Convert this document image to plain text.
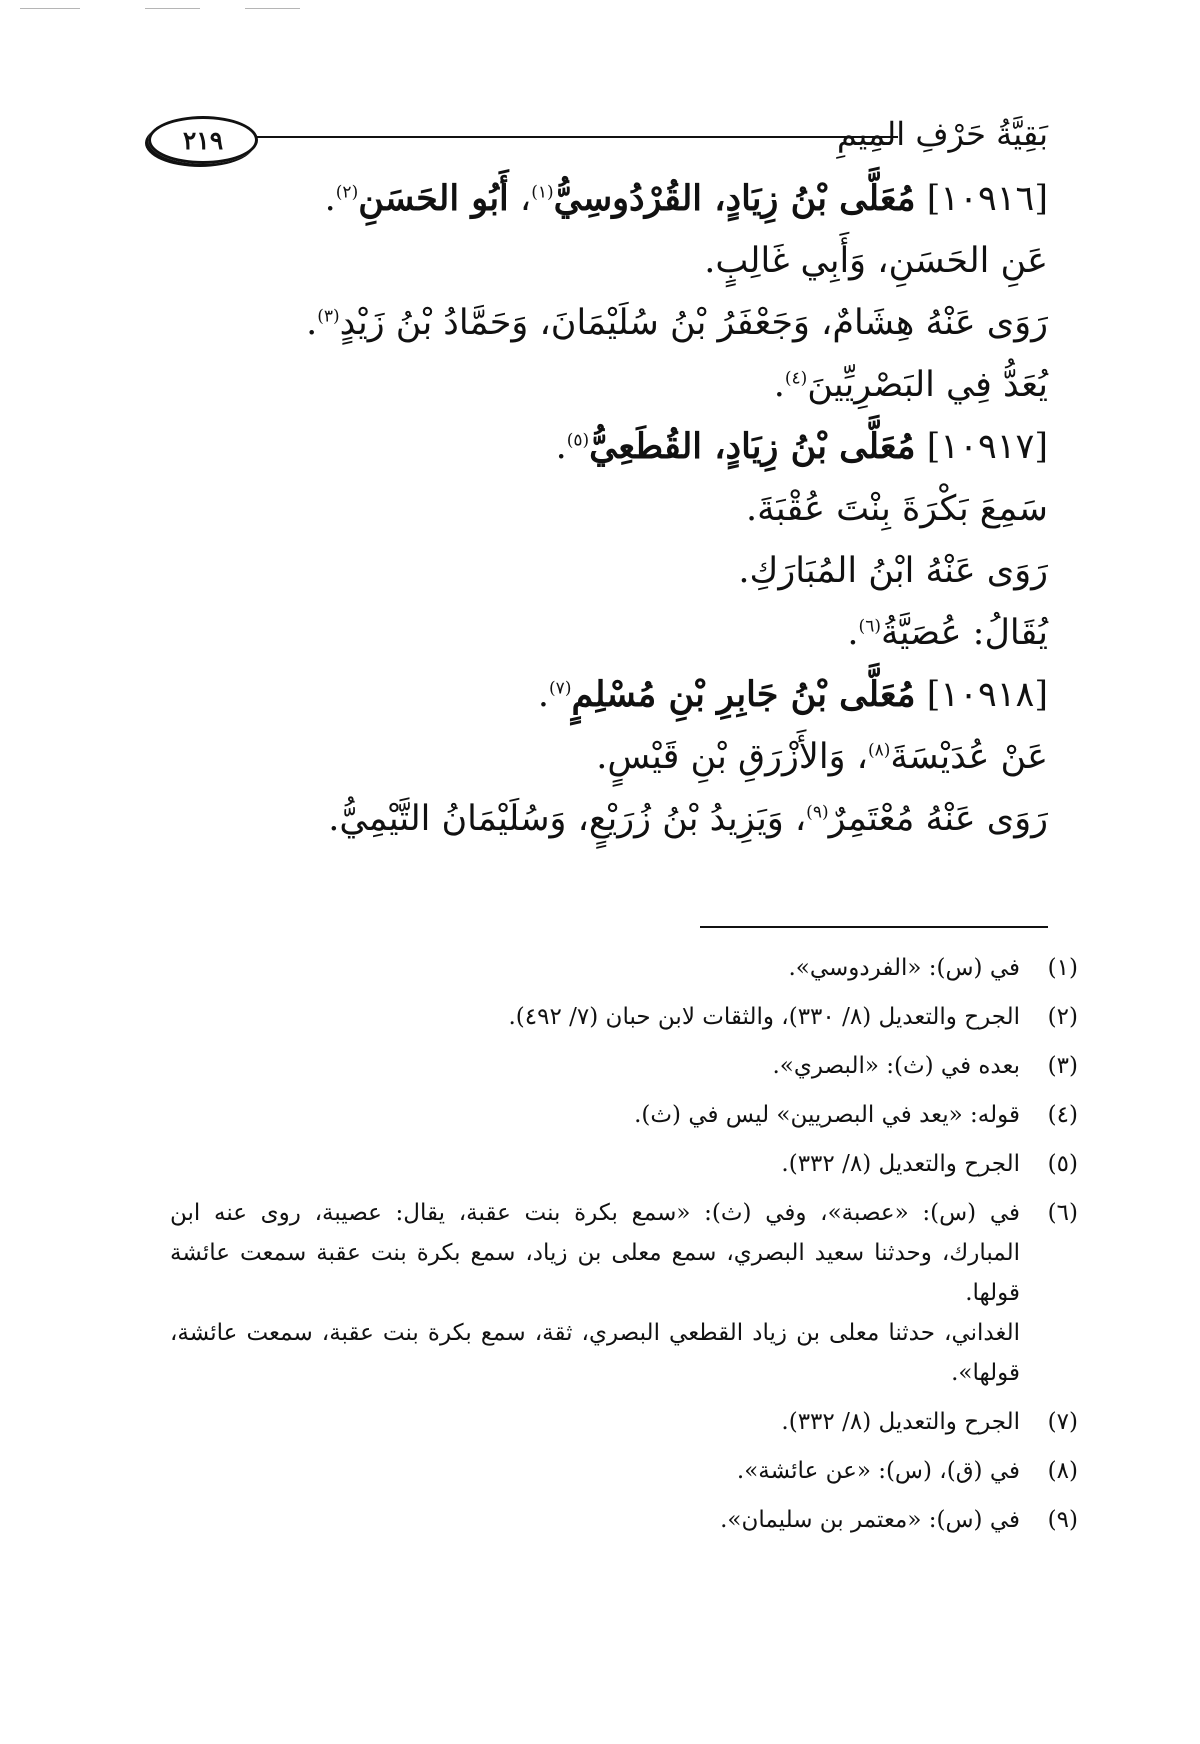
٢١٩	بَقِيَّةُ حَرْفِ المِيمِ
[١٠٩١٦] مُعَلَّى بْنُ زِيَادٍ، القُرْدُوسِيُّ$^{(١)}$، أَبُو الحَسَنِ$^{(٢)}$.
عَنِ الحَسَنِ، وَأَبِي غَالِبٍ.
رَوَى عَنْهُ هِشَامٌ، وَجَعْفَرُ بْنُ سُلَيْمَانَ، وَحَمَّادُ بْنُ زَيْدٍ$^{(٣)}$.
يُعَدُّ فِي البَصْرِيِّينَ$^{(٤)}$.
[١٠٩١٧] مُعَلَّى بْنُ زِيَادٍ، القُطَعِيُّ$^{(٥)}$.
سَمِعَ بَكْرَةَ بِنْتَ عُقْبَةَ.
رَوَى عَنْهُ ابْنُ المُبَارَكِ.
يُقَالُ: عُصَيَّةُ$^{(٦)}$.
[١٠٩١٨] مُعَلَّى بْنُ جَابِرِ بْنِ مُسْلِمٍ$^{(٧)}$.
عَنْ عُدَيْسَةَ$^{(٨)}$، وَالأَزْرَقِ بْنِ قَيْسٍ.
رَوَى عَنْهُ مُعْتَمِرٌ$^{(٩)}$، وَيَزِيدُ بْنُ زُرَيْعٍ، وَسُلَيْمَانُ التَّيْمِيُّ.
(١)

في (س): «الفردوسي».

(٢)

الجرح والتعديل (٨/ ٣٣٠)، والثقات لابن حبان (٧/ ٤٩٢).

(٣)

بعده في (ث): «البصري».

(٤)

قوله: «يعد في البصريين» ليس في (ث).

(٥)

الجرح والتعديل (٨/ ٣٣٢).

(٦)

في (س): «عصبة»، وفي (ث): «سمع بكرة بنت عقبة، يقال: عصيبة، روى عنه ابن المبارك، وحدثنا سعيد البصري، سمع معلى بن زياد، سمع بكرة بنت عقبة سمعت عائشة قولها.

الغداني، حدثنا معلى بن زياد القطعي البصري، ثقة، سمع بكرة بنت عقبة، سمعت عائشة، قولها».

(٧)

الجرح والتعديل (٨/ ٣٣٢).

(٨)

في (ق)، (س): «عن عائشة».

(٩)

في (س): «معتمر بن سليمان».
